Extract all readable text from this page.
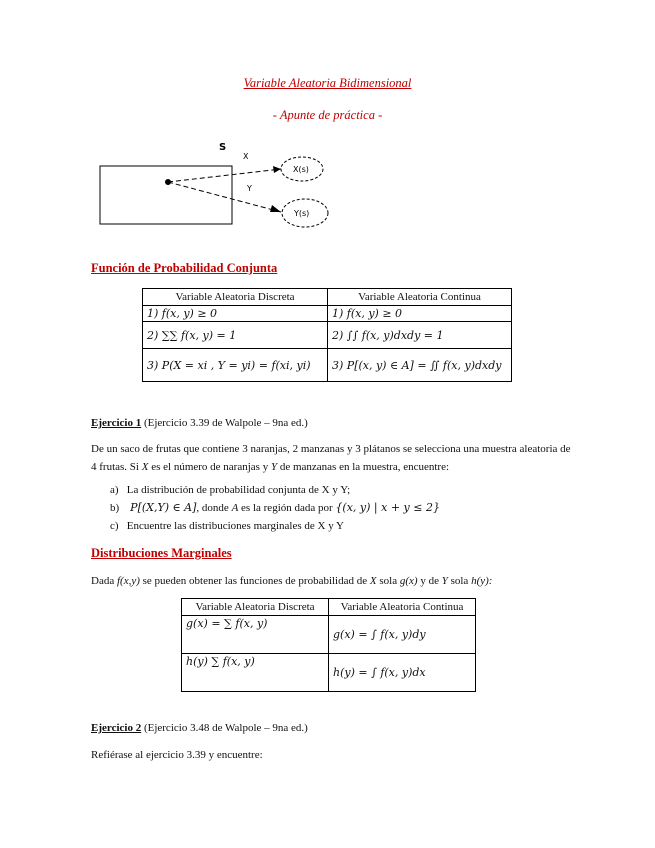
Variable Aleatoria Bidimensional
- Apunte de práctica -
S
X
Y
X(s)
Y(s)
Función de Probabilidad Conjunta
Variable Aleatoria Discreta	Variable Aleatoria Continua
1) f(x, y) ≥ 0	1) f(x, y) ≥ 0
2) ∑∑ f(x, y) = 1	2) ∫∫ f(x, y)dxdy = 1
3) P(X = xi , Y = yi) = f(xi, yi)	3) P[(x, y) ∈ A] = ∬ f(x, y)dxdy
Ejercicio 1 (Ejercicio 3.39 de Walpole – 9na ed.)
De un saco de frutas que contiene 3 naranjas, 2 manzanas y 3 plátanos se selecciona una muestra aleatoria de 4 frutas. Si X es el número de naranjas y Y de manzanas en la muestra, encuentre:
a) La distribución de probabilidad conjunta de X y Y;
b) P[(X,Y) ∈ A], donde A es la región dada por {(x, y) | x + y ≤ 2}
c) Encuentre las distribuciones marginales de X y Y
Distribuciones Marginales
Dada f(x,y) se pueden obtener las funciones de probabilidad de X sola g(x) y de Y sola h(y):
Variable Aleatoria Discreta	Variable Aleatoria Continua
g(x) = ∑ f(x, y)	g(x) = ∫ f(x, y)dy
h(y) ∑ f(x, y)	h(y) = ∫ f(x, y)dx
Ejercicio 2 (Ejercicio 3.48 de Walpole – 9na ed.)
Refiérase al ejercicio 3.39 y encuentre:
